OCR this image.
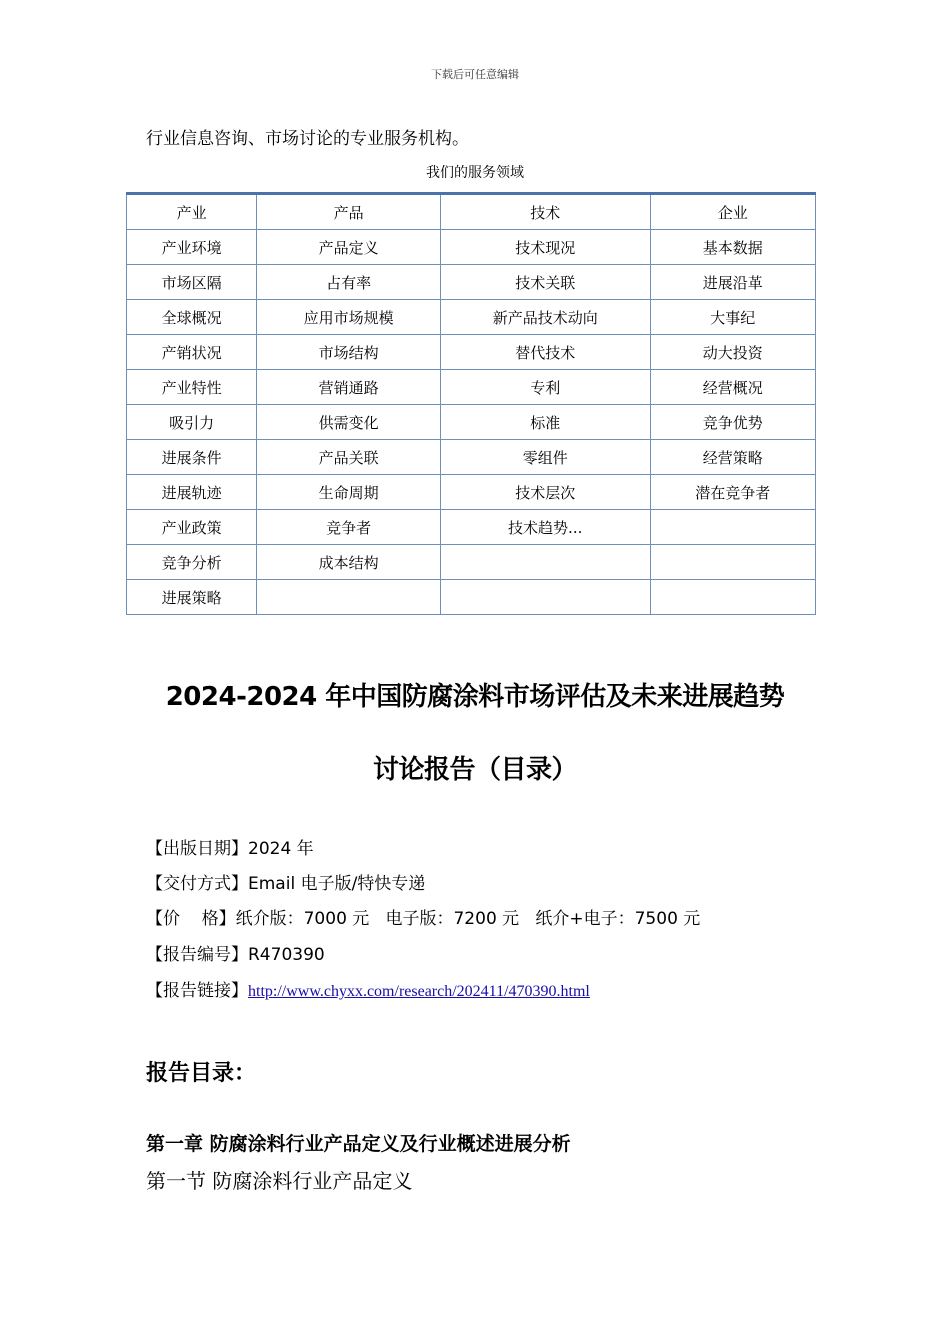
下载后可任意编辑
行业信息咨询、市场讨论的专业服务机构。
我们的服务领域
产业	产品	技术	企业
产业环境	产品定义	技术现况	基本数据
市场区隔	占有率	技术关联	进展沿革
全球概况	应用市场规模	新产品技术动向	大事纪
产销状况	市场结构	替代技术	动大投资
产业特性	营销通路	专利	经营概况
吸引力	供需变化	标准	竞争优势
进展条件	产品关联	零组件	经营策略
进展轨迹	生命周期	技术层次	潜在竞争者
产业政策	竞争者	技术趋势...	
竞争分析	成本结构		
进展策略			
2024-2024 年中国防腐涂料市场评估及未来进展趋势
讨论报告（目录）
【出版日期】2024 年
【交付方式】Email 电子版/特快专递
【价    格】纸介版：7000 元   电子版：7200 元   纸介+电子：7500 元
【报告编号】R470390
【报告链接】http://www.chyxx.com/research/202411/470390.html
报告目录：
第一章 防腐涂料行业产品定义及行业概述进展分析
第一节 防腐涂料行业产品定义
